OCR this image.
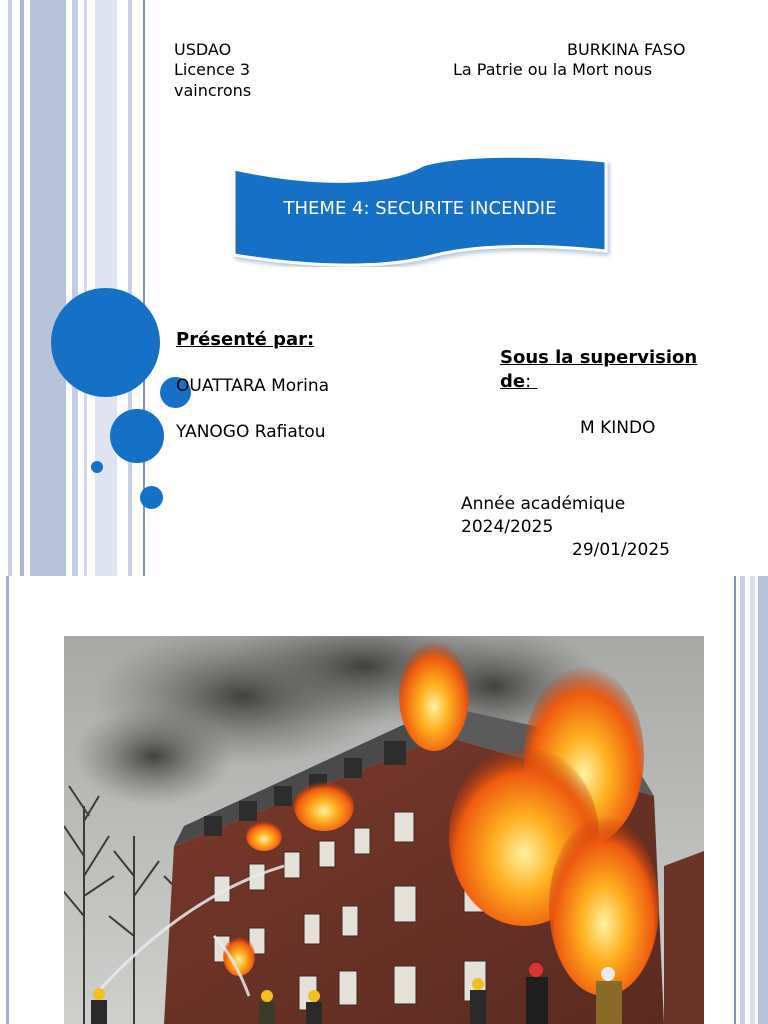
USDAO
Licence 3
BURKINA FASO
La Patrie ou la Mort nous
vaincrons
THEME 4: SECURITE INCENDIE
Présenté par:
OUATTARA Morina
YANOGO Rafiatou
Sous la supervision
de:
M KINDO
Année académique
2024/2025
29/01/2025
